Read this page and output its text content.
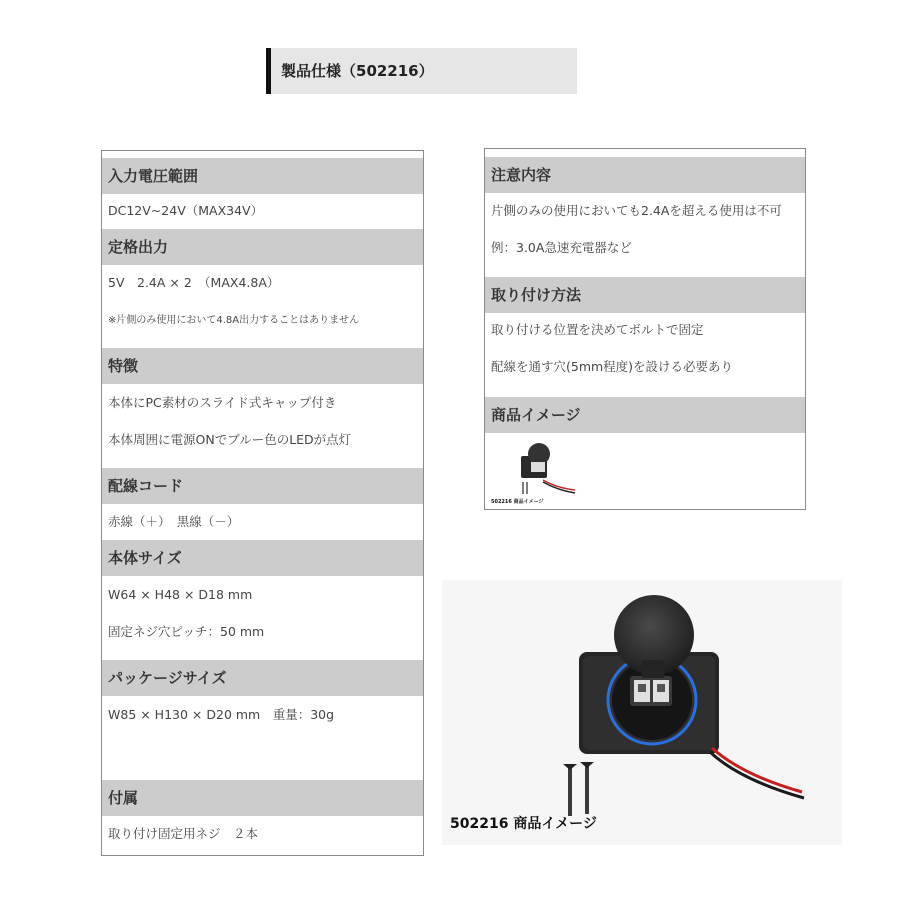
製品仕様（502216）
入力電圧範囲
DC12V~24V（MAX34V）
定格出力
5V　2.4A × 2　（MAX4.8A）
※片側のみ使用において4.8A出力することはありません
特徴
本体にPC素材のスライド式キャップ付き
本体周囲に電源ONでブルー色のLEDが点灯
配線コード
赤線（＋）　黒線（－）
本体サイズ
W64 × H48 × D18 mm
固定ネジ穴ピッチ：50 mm
パッケージサイズ
W85 × H130 × D20 mm　重量：30g
付属
取り付け固定用ネジ　２本
注意内容
片側のみの使用においても2.4Aを超える使用は不可
例：3.0A急速充電器など
取り付け方法
取り付ける位置を決めてボルトで固定
配線を通す穴(5mm程度)を設ける必要あり
商品イメージ
502216 商品イメージ
502216 商品イメージ
